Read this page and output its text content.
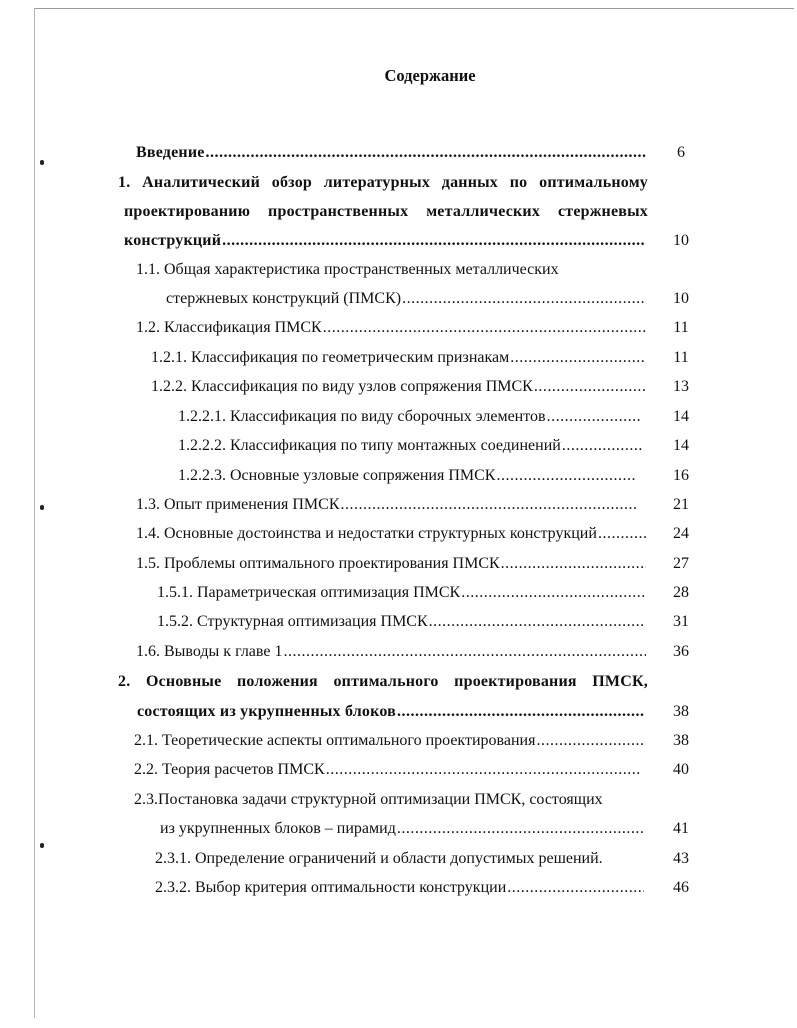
Содержание
Введение .....	6
1. Аналитический обзор литературных данных по оптимальному
проектированию пространственных металлических стержневых
конструкций .....	10
1.1. Общая характеристика пространственных металлических
стержневых конструкций (ПМСК) .....	10
1.2. Классификация ПМСК .....	11
1.2.1. Классификация по геометрическим признакам .....	11
1.2.2. Классификация по виду узлов сопряжения ПМСК .....	13
1.2.2.1. Классификация по виду сборочных элементов .....	14
1.2.2.2. Классификация по типу монтажных соединений .....	14
1.2.2.3. Основные узловые сопряжения ПМСК .....	16
1.3. Опыт применения ПМСК .....	21
1.4. Основные достоинства и недостатки структурных конструкций .....	24
1.5. Проблемы оптимального проектирования ПМСК .....	27
1.5.1. Параметрическая оптимизация ПМСК .....	28
1.5.2. Структурная оптимизация ПМСК .....	31
1.6. Выводы к главе 1 .....	36
2. Основные положения оптимального проектирования ПМСК,
состоящих из укрупненных блоков .....	38
2.1. Теоретические аспекты оптимального проектирования .....	38
2.2. Теория расчетов ПМСК .....	40
2.3.Постановка задачи структурной оптимизации ПМСК, состоящих
из укрупненных блоков – пирамид .....	41
2.3.1. Определение ограничений и области допустимых решений.	43
2.3.2. Выбор критерия оптимальности конструкции .....	46
